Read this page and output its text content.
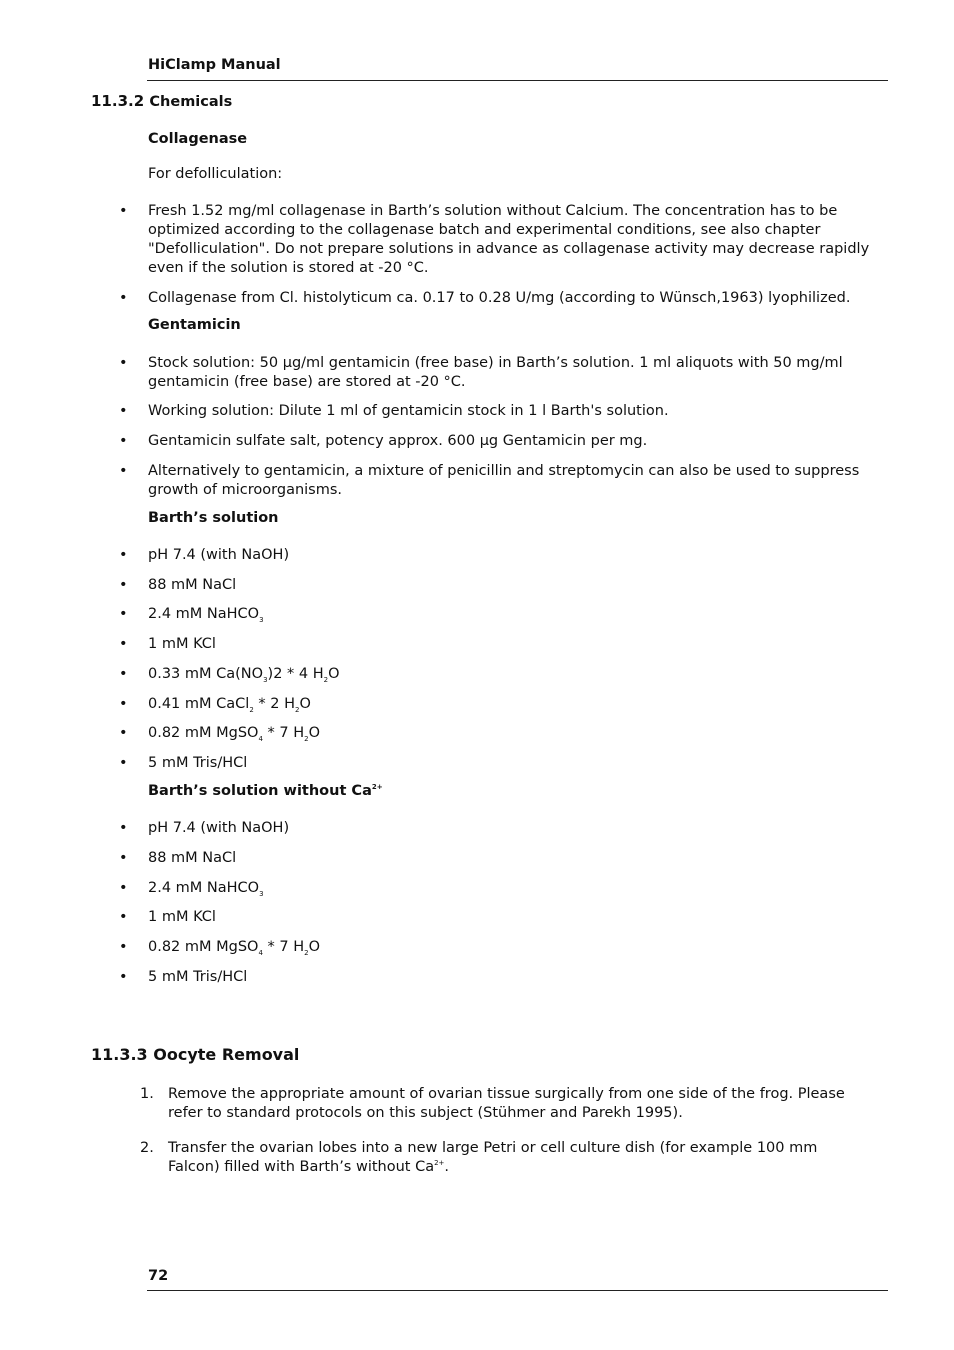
HiClamp Manual
11.3.2 Chemicals
Collagenase
For defolliculation:
• Fresh 1.52 mg/ml collagenase in Barth’s solution without Calcium. The concentration has to be optimized according to the collagenase batch and experimental conditions, see also chapter "Defolliculation". Do not prepare solutions in advance as collagenase activity may decrease rapidly even if the solution is stored at -20 °C.
• Collagenase from Cl. histolyticum ca. 0.17 to 0.28 U/mg (according to Wünsch,1963) lyophilized.
Gentamicin
• Stock solution: 50 µg/ml gentamicin (free base) in Barth’s solution. 1 ml aliquots with 50 mg/ml gentamicin (free base) are stored at -20 °C.
• Working solution: Dilute 1 ml of gentamicin stock in 1 l Barth's solution.
• Gentamicin sulfate salt, potency approx. 600 µg Gentamicin per mg.
• Alternatively to gentamicin, a mixture of penicillin and streptomycin can also be used to suppress growth of microorganisms.
Barth’s solution
• pH 7.4 (with NaOH)
• 88 mM NaCl
• 2.4 mM NaHCO$_3$
• 1 mM KCl
• 0.33 mM $Ca(NO_3)2 * 4$ $H_2O$
• 0.41 mM CaCl$_2$ * 2 $H_2O$
• 0.82 mM MgSO$_4$ * 7 $H_2O$
• 5 mM Tris/HCl
Barth’s solution without $Ca^{2+}$
• pH 7.4 (with NaOH)
• 88 mM NaCl
• 2.4 mM NaHCO$_3$
• 1 mM KCl
• 0.82 mM MgSO$_4$ * 7 $H_2O$
• 5 mM Tris/HCl
11.3.3 Oocyte Removal
1. Remove the appropriate amount of ovarian tissue surgically from one side of the frog. Please refer to standard protocols on this subject (Stühmer and Parekh 1995).
2. Transfer the ovarian lobes into a new large Petri or cell culture dish (for example 100 mm Falcon) filled with Barth’s without $Ca^{2+}$.
72
